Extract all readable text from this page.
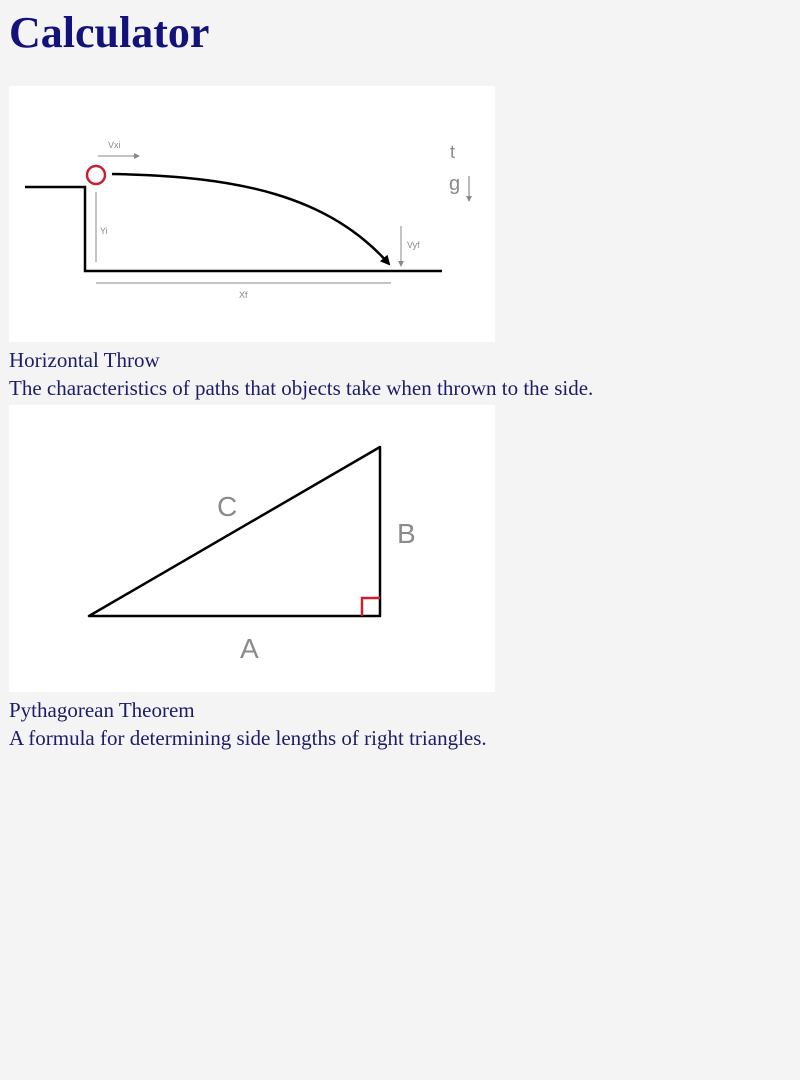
Calculator
Vxi	t
g
Yi
Vyf
Xf
Horizontal Throw
The characteristics of paths that objects take when thrown to the side.
C
B
A
Pythagorean Theorem
A formula for determining side lengths of right triangles.
